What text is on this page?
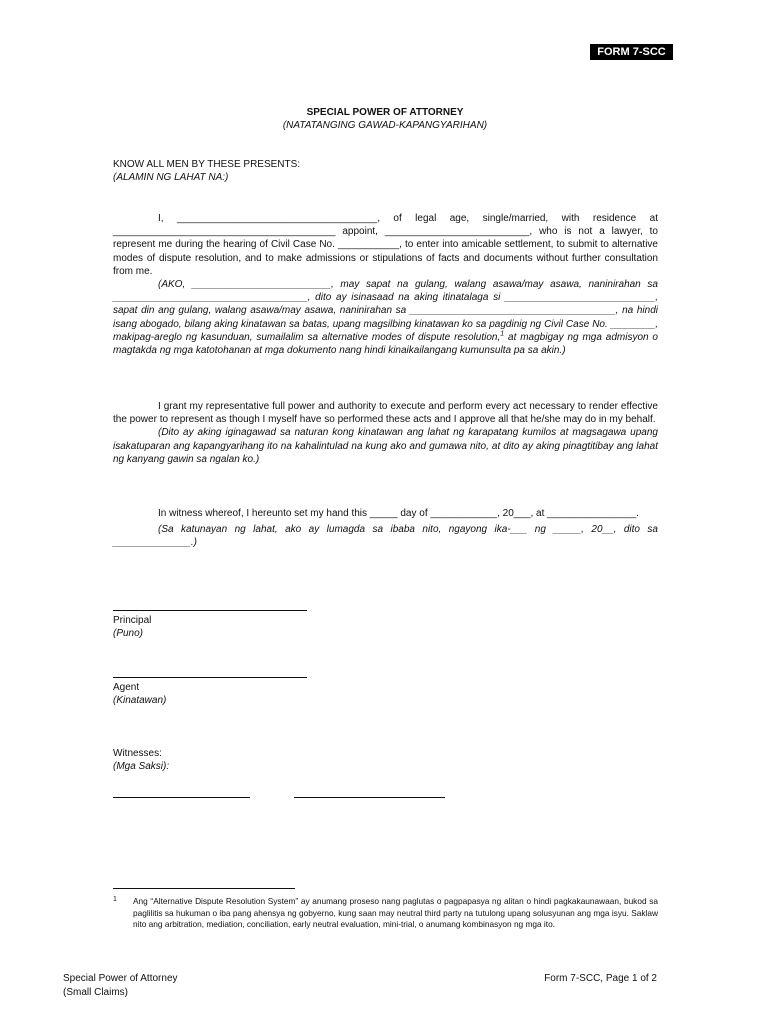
FORM 7-SCC
SPECIAL POWER OF ATTORNEY
(NATATANGING GAWAD-KAPANGYARIHAN)

KNOW ALL MEN BY THESE PRESENTS:

(ALAMIN NG LAHAT NA:)

I, ____________________________________, of legal age, single/married, with residence at ________________________________________ appoint, __________________________, who is not a lawyer, to represent me during the hearing of Civil Case No. ___________, to enter into amicable settlement, to submit to alternative modes of dispute resolution, and to make admissions or stipulations of facts and documents without further consultation from me.

(AKO, _________________________, may sapat na gulang, walang asawa/may asawa, naninirahan sa ___________________________________, dito ay isinasaad na aking itinatalaga si ___________________________, sapat din ang gulang, walang asawa/may asawa, naninirahan sa _____________________________________, na hindi isang abogado, bilang aking kinatawan sa batas, upang magsilbing kinatawan ko sa pagdinig ng Civil Case No. ________, makipag-areglo ng kasunduan, sumailalim sa alternative modes of dispute resolution,$^1$ at magbigay ng mga admisyon o magtakda ng mga katotohanan at mga dokumento nang hindi kinaikailangang kumunsulta pa sa akin.)

I grant my representative full power and authority to execute and perform every act necessary to render effective the power to represent as though I myself have so performed these acts and I approve all that he/she may do in my behalf.

(Dito ay aking iginagawad sa naturan kong kinatawan ang lahat ng karapatang kumilos at magsagawa upang isakatuparan ang kapangyarihang ito na kahalintulad na kung ako and gumawa nito, at dito ay aking pinagtitibay ang lahat ng kanyang gawin sa ngalan ko.)

In witness whereof, I hereunto set my hand this _____ day of ____________, 20___, at ________________.

(Sa katunayan ng lahat, ako ay lumagda sa ibaba nito, ngayong ika-___ ng _____, 20__, dito sa ______________.)

Principal
(Puno)
Agent
(Kinatawan)
Witnesses:
(Mga Saksi):
1 Ang “Alternative Dispute Resolution System” ay anumang proseso nang paglutas o pagpapasya ng alitan o hindi pagkakaunawaan, bukod sa paglilitis sa hukuman o iba pang ahensya ng gobyerno, kung saan may neutral third party na tutulong upang solusyunan ang mga isyu. Saklaw nito ang arbitration, mediation, conciliation, early neutral evaluation, mini-trial, o anumang kombinasyon ng mga ito.
Special Power of Attorney
(Small Claims)
Form 7-SCC, Page 1 of 2
